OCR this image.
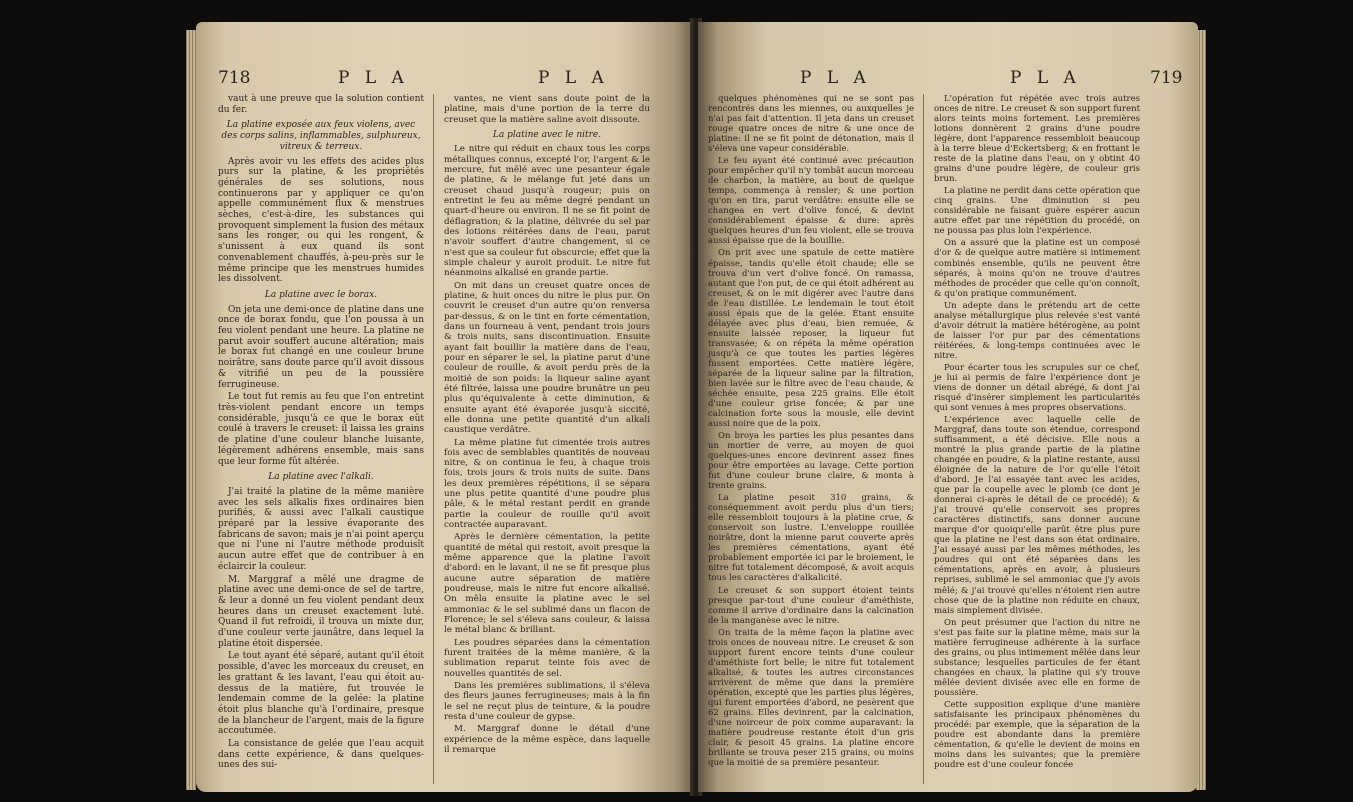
718	P L A	P L A

vaut à une preuve que la solution contient du fer.

La platine exposée aux feux violens, avec des corps salins, inflammables, sulphureux, vitreux & terreux.

Après avoir vu les effets des acides plus purs sur la platine, & les propriétés générales de ses solutions, nous continuerons par y appliquer ce qu'on appelle communément flux & menstrues sèches, c'est-à-dire, les substances qui provoquent simplement la fusion des métaux sans les ronger, ou qui les rongent, & s'unissent à eux quand ils sont convenablement chauffés, à-peu-près sur le même principe que les menstrues humides les dissolvent.

La platine avec le borax.

On jeta une demi-once de platine dans une once de borax fondu, que l'on poussa à un feu violent pendant une heure. La platine ne parut avoir souffert aucune altération; mais le borax fut changé en une couleur brune noirâtre, sans doute parce qu'il avoit dissous & vitrifié un peu de la poussière ferrugineuse.

Le tout fut remis au feu que l'on entretint très-violent pendant encore un temps considérable, jusqu'à ce que le borax eût coulé à travers le creuset: il laissa les grains de platine d'une couleur blanche luisante, légèrement adhérens ensemble, mais sans que leur forme fût altérée.

La platine avec l'alkali.

J'ai traité la platine de la même manière avec les sels alkalis fixes ordinaires bien purifiés, & aussi avec l'alkali caustique préparé par la lessive évaporante des fabricans de savon; mais je n'ai point aperçu que ni l'une ni l'autre méthode produisît aucun autre effet que de contribuer à en éclaircir la couleur.

M. Marggraf a mêlé une dragme de platine avec une demi-once de sel de tartre, & leur a donné un feu violent pendant deux heures dans un creuset exactement luté. Quand il fut refroidi, il trouva un mixte dur, d'une couleur verte jaunâtre, dans lequel la platine étoit dispersée.

Le tout ayant été séparé, autant qu'il étoit possible, d'avec les morceaux du creuset, en les grattant & les lavant, l'eau qui étoit au-dessus de la matière, fut trouvée le lendemain comme de la gelée: la platine étoit plus blanche qu'à l'ordinaire, presque de la blancheur de l'argent, mais de la figure accoutumée.

La consistance de gelée que l'eau acquit dans cette expérience, & dans quelques-unes des sui-

vantes, ne vient sans doute point de la platine, mais d'une portion de la terre du creuset que la matière saline avoit dissoute.

La platine avec le nitre.

Le nitre qui réduit en chaux tous les corps métalliques connus, excepté l'or, l'argent & le mercure, fut mêlé avec une pesanteur égale de platine, & le mélange fut jeté dans un creuset chaud jusqu'à rougeur; puis on entretint le feu au même degré pendant un quart-d'heure ou environ. Il ne se fit point de déflagration; & la platine, délivrée du sel par des lotions réitérées dans de l'eau, parut n'avoir souffert d'autre changement, si ce n'est que sa couleur fut obscurcie; effet que la simple chaleur y auroit produit. Le nitre fut néanmoins alkalisé en grande partie.

On mit dans un creuset quatre onces de platine, & huit onces du nitre le plus pur. On couvrit le creuset d'un autre qu'on renversa par-dessus, & on le tint en forte cémentation, dans un fourneau à vent, pendant trois jours & trois nuits, sans discontinuation. Ensuite ayant fait bouillir la matière dans de l'eau, pour en séparer le sel, la platine parut d'une couleur de rouille, & avoit perdu près de la moitié de son poids: la liqueur saline ayant été filtrée, laissa une poudre brunâtre un peu plus qu'équivalente à cette diminution, & ensuite ayant été évaporée jusqu'à siccité, elle donna une petite quantité d'un alkali caustique verdâtre.

La même platine fut cimentée trois autres fois avec de semblables quantités de nouveau nitre, & on continua le feu, à chaque trois fois, trois jours & trois nuits de suite. Dans les deux premières répétitions, il se sépara une plus petite quantité d'une poudre plus pâle, & le métal restant perdit en grande partie la couleur de rouille qu'il avoit contractée auparavant.

Après le dernière cémentation, la petite quantité de métal qui restoit, avoit presque la même apparence que la platine l'avoit d'abord: en le lavant, il ne se fit presque plus aucune autre séparation de matière poudreuse, mais le nitre fut encore alkalisé. On mêla ensuite la platine avec le sel ammoniac & le sel sublimé dans un flacon de Florence; le sel s'éleva sans couleur, & laissa le métal blanc & brillant.

Les poudres séparées dans la cémentation furent traitées de la même manière, & la sublimation reparut teinte fois avec de nouvelles quantités de sel.

Dans les premières sublimations, il s'éleva des fleurs jaunes ferrugineuses; mais à la fin le sel ne reçut plus de teinture, & la poudre resta d'une couleur de gypse.

M. Marggraf donne le détail d'une expérience de la même espèce, dans laquelle il remarque

P L A	P L A	719

quelques phénomènes qui ne se sont pas rencontrés dans les miennes, ou auxquelles je n'ai pas fait d'attention. Il jeta dans un creuset rouge quatre onces de nitre & une once de platine: il ne se fit point de détonation, mais il s'éleva une vapeur considérable.

Le feu ayant été continué avec précaution pour empêcher qu'il n'y tombât aucun morceau de charbon, la matière, au bout de quelque temps, commença à rensler; & une portion qu'on en tira, parut verdâtre: ensuite elle se changea en vert d'olive foncé, & devint considérablement épaisse & dure: après quelques heures d'un feu violent, elle se trouva aussi épaisse que de la bouillie.

On prit avec une spatule de cette matière épaisse, tandis qu'elle étoit chaude; elle se trouva d'un vert d'olive foncé. On ramassa, autant que l'on put, de ce qui étoit adhérent au creuset, & on le mit digérer avec l'autre dans de l'eau distillée. Le lendemain le tout étoit aussi épais que de la gelée. Étant ensuite délayée avec plus d'eau, bien remuée, & ensuite laissée reposer, la liqueur fut transvasée; & on répéta la même opération jusqu'à ce que toutes les parties légères fussent emportées. Cette matière légère, séparée de la liqueur saline par la filtration, bien lavée sur le filtre avec de l'eau chaude, & séchée ensuite, pesa 225 grains. Elle étoit d'une couleur grise foncée; & par une calcination forte sous la mousle, elle devint aussi noire que de la poix.

On broya les parties les plus pesantes dans un mortier de verre, au moyen de quoi quelques-unes encore devinrent assez fines pour être emportées au lavage. Cette portion fut d'une couleur brune claire, & monta à trente grains.

La platine pesoit 310 grains, & conséquemment avoit perdu plus d'un tiers; elle ressembloit toujours à la platine crue, & conservoit son lustre. L'enveloppe rouillée noirâtre, dont la mienne parut couverte après les premières cémentations, ayant été probablement emportée ici par le broiement, le nitre fut totalement décomposé, & avoit acquis tous les caractères d'alkalicité.

Le creuset & son support étoient teints presque par-tout d'une couleur d'améthiste, comme il arrive d'ordinaire dans la calcination de la manganèse avec le nitre.

On traita de la même façon la platine avec trois onces de nouveau nitre. Le creuset & son support furent encore teints d'une couleur d'améthiste fort belle; le nitre fut totalement alkalisé, & toutes les autres circonstances arrivèrent de même que dans la première opération, excepté que les parties plus légères, qui furent emportées d'abord, ne pesèrent que 62 grains. Elles devinrent, par la calcination, d'une noirceur de poix comme auparavant: la matière poudreuse restante étoit d'un gris clair, & pesoit 45 grains. La platine encore brillante se trouva peser 215 grains, ou moins que la moitié de sa première pesanteur.

L'opération fut répétée avec trois autres onces de nitre. Le creuset & son support furent alors teints moins fortement. Les premières lotions donnèrent 2 grains d'une poudre légère, dont l'apparence ressembloit beaucoup à la terre bleue d'Eckertsberg; & en frottant le reste de la platine dans l'eau, on y obtint 40 grains d'une poudre légère, de couleur gris brun.

La platine ne perdit dans cette opération que cinq grains. Une diminution si peu considérable ne faisant guère espérer aucun autre effet par une répétition du procédé, on ne poussa pas plus loin l'expérience.

On a assuré que la platine est un composé d'or & de quelque autre matière si intimement combinés ensemble, qu'ils ne peuvent être séparés, à moins qu'on ne trouve d'autres méthodes de procéder que celle qu'on connoît, & qu'on pratique communément.

Un adepte dans le prétendu art de cette analyse métallurgique plus relevée s'est vanté d'avoir détruit la matière hétérogène, au point de laisser l'or pur par des cémentations réitérées, & long-temps continuées avec le nitre.

Pour écarter tous les scrupules sur ce chef, je lui ai permis de faire l'expérience dont je viens de donner un détail abrégé, & dont j'ai risqué d'insérer simplement les particularités qui sont venues à mes propres observations.

L'expérience avec laquelle celle de Marggraf, dans toute son étendue, correspond suffisamment, a été décisive. Elle nous a montré la plus grande partie de la platine changée en poudre, & la platine restante, aussi éloignée de la nature de l'or qu'elle l'étoit d'abord. Je l'ai essayée tant avec les acides, que par la coupelle avec le plomb (ce dont je donnerai ci-après le détail de ce procédé); & j'ai trouvé qu'elle conservoit ses propres caractères distinctifs, sans donner aucune marque d'or quoiqu'elle parût être plus pure que la platine ne l'est dans son état ordinaire. J'ai essayé aussi par les mêmes méthodes, les poudres qui ont été séparées dans les cémentations, après en avoir, à plusieurs reprises, sublimé le sel ammoniac que j'y avois mêlé; & j'ai trouvé qu'elles n'étoient rien autre chose que de la platine non réduite en chaux, mais simplement divisée.

On peut présumer que l'action du nitre ne s'est pas faite sur la platine même, mais sur la matière ferrugineuse adhérente à la surface des grains, ou plus intimement mêlée dans leur substance; lesquelles particules de fer étant changées en chaux, la platine qui s'y trouve mêlée devient divisée avec elle en forme de poussière.

Cette supposition explique d'une manière satisfaisante les principaux phénomènes du procédé: par exemple, que la séparation de la poudre est abondante dans la première cémentation, & qu'elle le devient de moins en moins dans les suivantes; que la première poudre est d'une couleur foncée
